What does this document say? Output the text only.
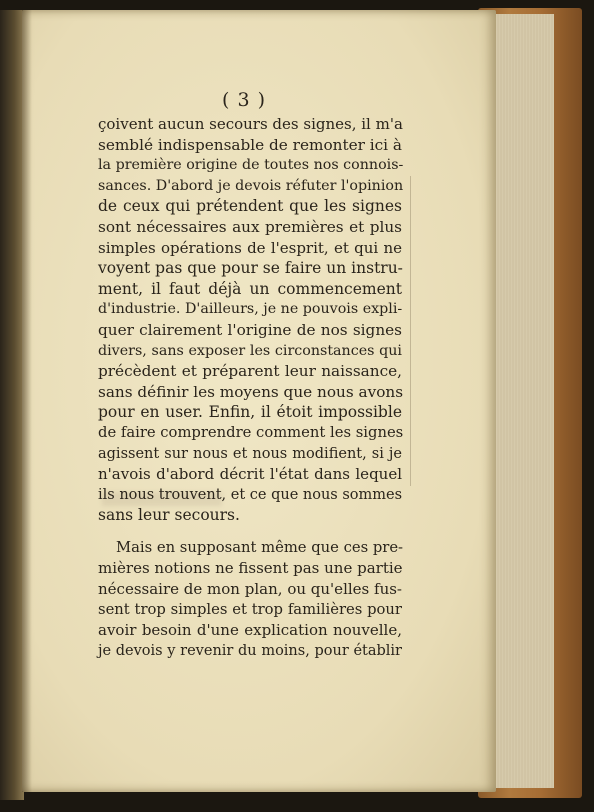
( 3 )
çoivent aucun secours des signes, il m'a
semblé indispensable de remonter ici à
la première origine de toutes nos connois-
sances. D'abord je devois réfuter l'opinion
de ceux qui prétendent que les signes
sont nécessaires aux premières et plus
simples opérations de l'esprit, et qui ne
voyent pas que pour se faire un instru-
ment, il faut déjà un commencement
d'industrie. D'ailleurs, je ne pouvois expli-
quer clairement l'origine de nos signes
divers, sans exposer les circonstances qui
précèdent et préparent leur naissance,
sans définir les moyens que nous avons
pour en user. Enfin, il étoit impossible
de faire comprendre comment les signes
agissent sur nous et nous modifient, si je
n'avois d'abord décrit l'état dans lequel
ils nous trouvent, et ce que nous sommes
sans leur secours.
Mais en supposant même que ces pre-
mières notions ne fissent pas une partie
nécessaire de mon plan, ou qu'elles fus-
sent trop simples et trop familières pour
avoir besoin d'une explication nouvelle,
je devois y revenir du moins, pour établir
